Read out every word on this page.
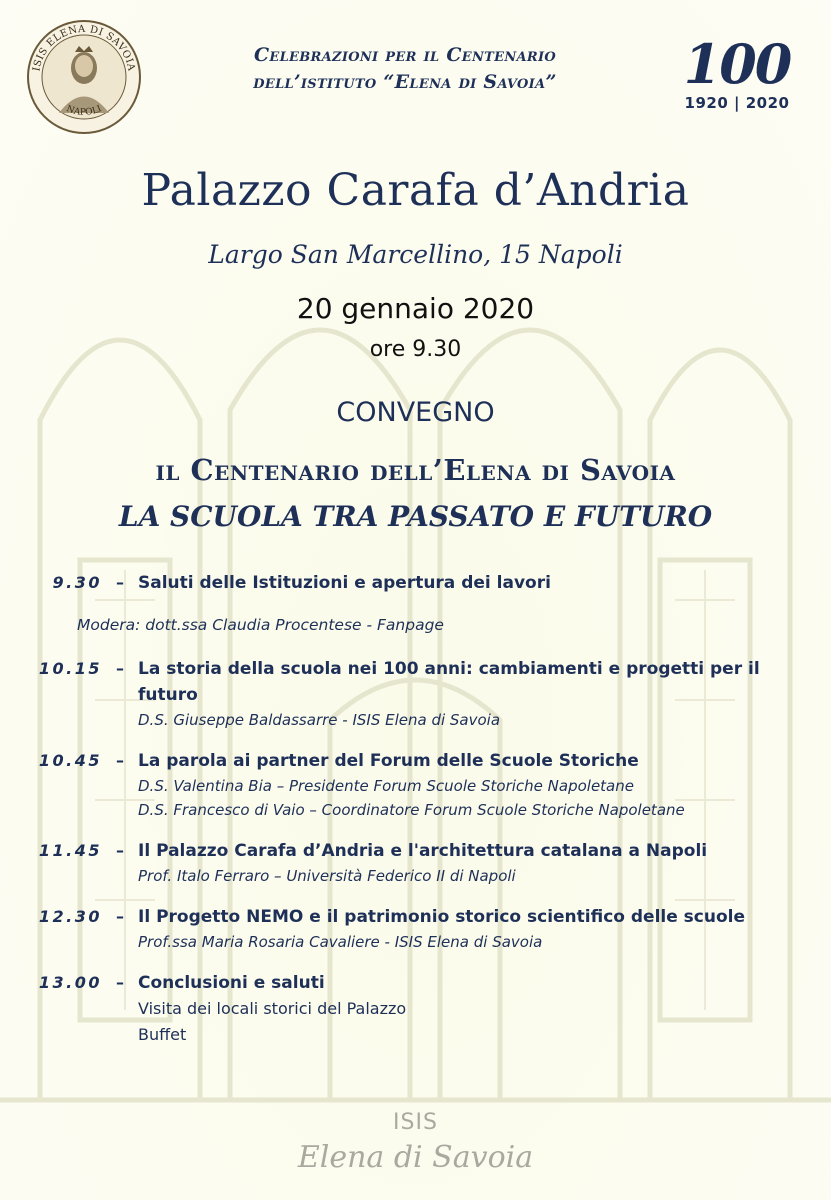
ISIS ELENA DI SAVOIA
NAPOLI
Celebrazioni per il Centenario
dell’istituto “Elena di Savoia”	100
1920 | 2020
Palazzo Carafa d’Andria
Largo San Marcellino, 15 Napoli
20 gennaio 2020
ore 9.30
CONVEGNO
il Centenario dell’Elena di Savoia
LA SCUOLA TRA PASSATO E FUTURO
9.30 – Saluti delle Istituzioni e apertura dei lavori
Modera: dott.ssa Claudia Procentese - Fanpage
10.15 – La storia della scuola nei 100 anni: cambiamenti e progetti per il futuro
D.S. Giuseppe Baldassarre - ISIS Elena di Savoia
10.45 – La parola ai partner del Forum delle Scuole Storiche
D.S. Valentina Bia – Presidente Forum Scuole Storiche Napoletane
D.S. Francesco di Vaio – Coordinatore Forum Scuole Storiche Napoletane
11.45 – Il Palazzo Carafa d’Andria e l'architettura catalana a Napoli
Prof. Italo Ferraro – Università Federico II di Napoli
12.30 – Il Progetto NEMO e il patrimonio storico scientifico delle scuole
Prof.ssa Maria Rosaria Cavaliere - ISIS Elena di Savoia
13.00 – Conclusioni e saluti
Visita dei locali storici del Palazzo
Buffet
ISIS
Elena di Savoia
